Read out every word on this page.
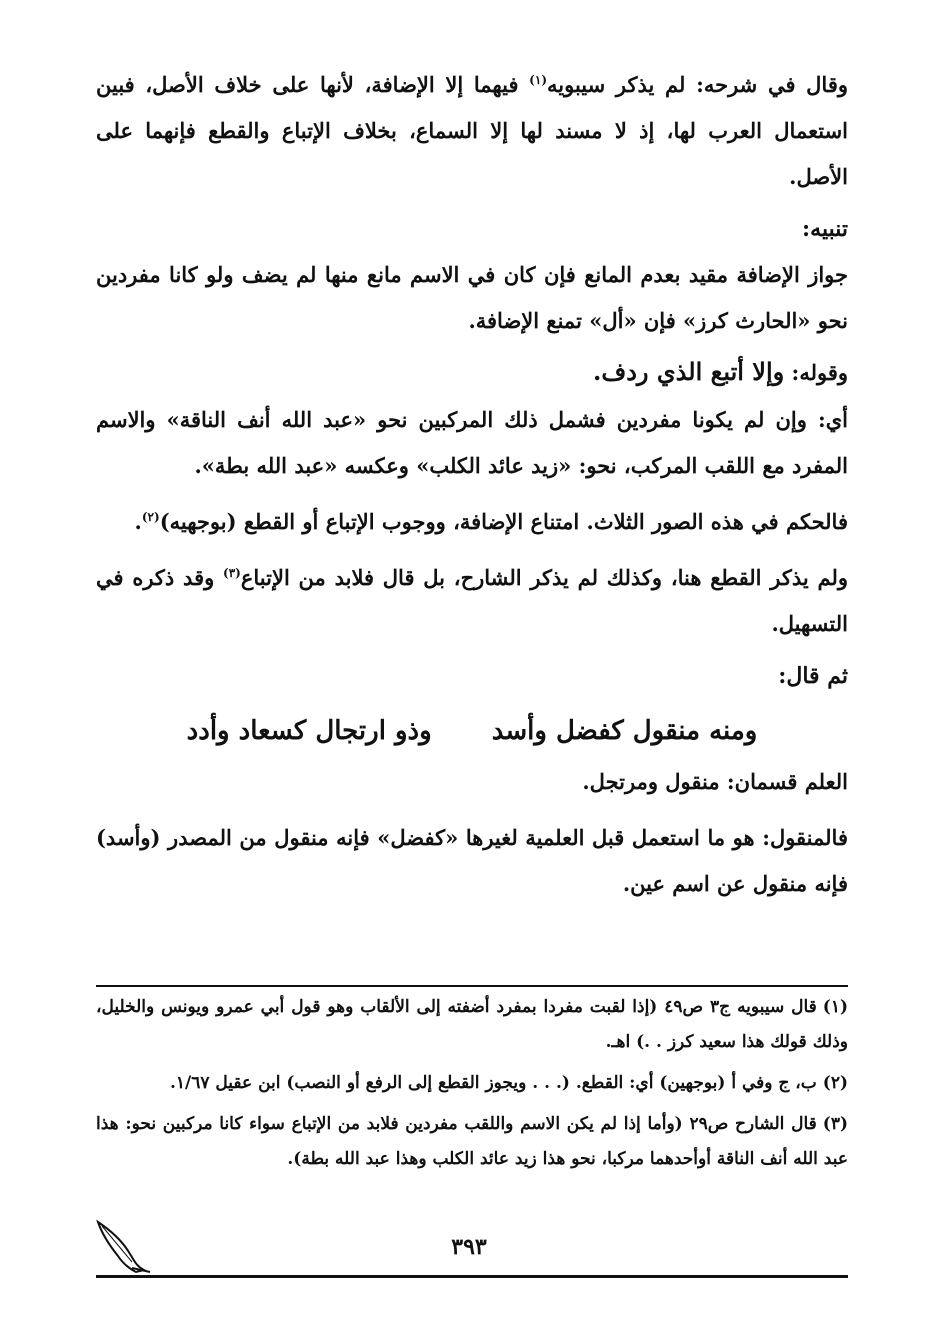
وقال في شرحه: لم يذكر سيبويه$^{(١)}$ فيهما إلا الإضافة، لأنها على خلاف الأصل، فبين استعمال العرب لها، إذ لا مسند لها إلا السماع، بخلاف الإتباع والقطع فإنهما على الأصل.

تنبيه:

جواز الإضافة مقيد بعدم المانع فإن كان في الاسم مانع منها لم يضف ولو كانا مفردين نحو «الحارث كرز» فإن «أل» تمنع الإضافة.

وقوله: وإلا أتبع الذي ردف.

أي: وإن لم يكونا مفردين فشمل ذلك المركبين نحو «عبد الله أنف الناقة» والاسم المفرد مع اللقب المركب، نحو: «زيد عائد الكلب» وعكسه «عبد الله بطة».

فالحكم في هذه الصور الثلاث. امتناع الإضافة، ووجوب الإتباع أو القطع (بوجهيه)$^{(٢)}$.

ولم يذكر القطع هنا، وكذلك لم يذكر الشارح، بل قال فلابد من الإتباع$^{(٣)}$ وقد ذكره في التسهيل.

ثم قال:
ومنه منقول كفضل وأسد
وذو ارتجال كسعاد وأدد

العلم قسمان: منقول ومرتجل.

فالمنقول: هو ما استعمل قبل العلمية لغيرها «كفضل» فإنه منقول من المصدر (وأسد) فإنه منقول عن اسم عين.

(١)قال سيبويه ج٣ ص٤٩ (إذا لقبت مفردا بمفرد أضفته إلى الألقاب وهو قول أبي عمرو ويونس والخليل، وذلك قولك هذا سعيد كرز . .) اهـ.

(٢)ب، ج وفي أ (بوجهين) أي: القطع. (. . . ويجوز القطع إلى الرفع أو النصب) ابن عقيل ١/٦٧.

(٣)قال الشارح ص٢٩ (وأما إذا لم يكن الاسم واللقب مفردين فلابد من الإتباع سواء كانا مركبين نحو: هذا عبد الله أنف الناقة أوأحدهما مركبا، نحو هذا زيد عائد الكلب وهذا عبد الله بطة).

٣٩٣
